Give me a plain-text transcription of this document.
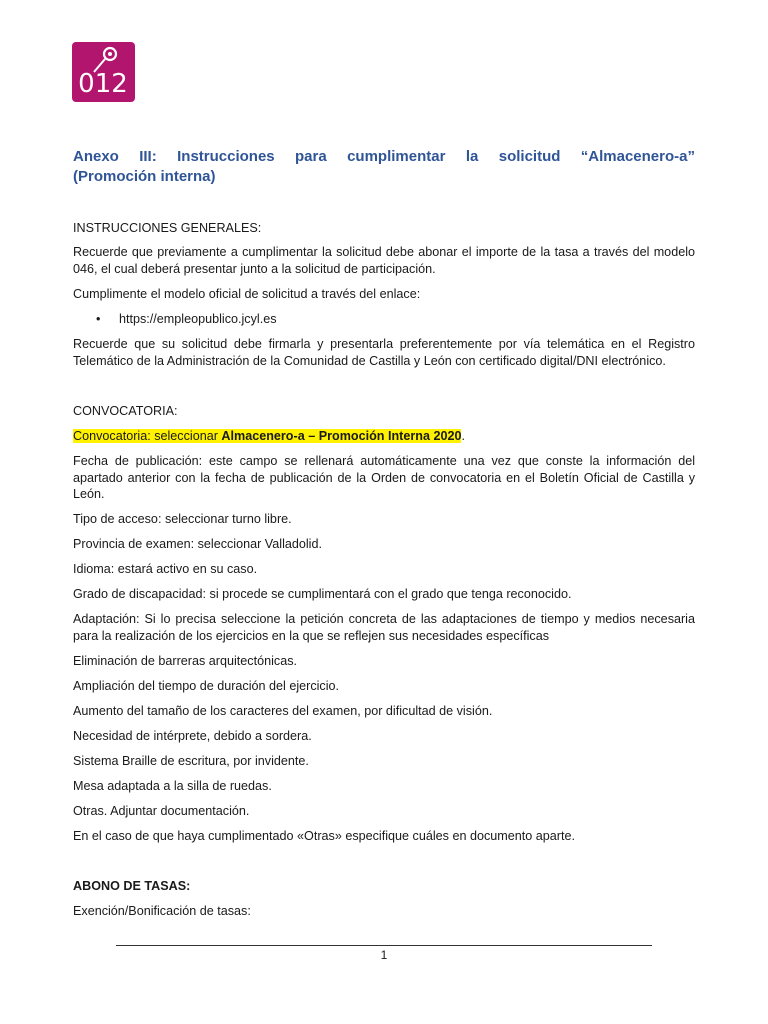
012
Anexo III: Instrucciones para cumplimentar la solicitud “Almacenero-a”
(Promoción interna)

INSTRUCCIONES GENERALES:

Recuerde que previamente a cumplimentar la solicitud debe abonar el importe de la tasa a través del modelo 046, el cual deberá presentar junto a la solicitud de participación.

Cumplimente el modelo oficial de solicitud a través del enlace:

• https://empleopublico.jcyl.es

Recuerde que su solicitud debe firmarla y presentarla preferentemente por vía telemática en el Registro Telemático de la Administración de la Comunidad de Castilla y León con certificado digital/DNI electrónico.

CONVOCATORIA:

Convocatoria: seleccionar Almacenero-a – Promoción Interna 2020.

Fecha de publicación: este campo se rellenará automáticamente una vez que conste la información del apartado anterior con la fecha de publicación de la Orden de convocatoria en el Boletín Oficial de Castilla y León.

Tipo de acceso: seleccionar turno libre.

Provincia de examen: seleccionar Valladolid.

Idioma: estará activo en su caso.

Grado de discapacidad: si procede se cumplimentará con el grado que tenga reconocido.

Adaptación: Si lo precisa seleccione la petición concreta de las adaptaciones de tiempo y medios necesaria para la realización de los ejercicios en la que se reflejen sus necesidades específicas

Eliminación de barreras arquitectónicas.

Ampliación del tiempo de duración del ejercicio.

Aumento del tamaño de los caracteres del examen, por dificultad de visión.

Necesidad de intérprete, debido a sordera.

Sistema Braille de escritura, por invidente.

Mesa adaptada a la silla de ruedas.

Otras. Adjuntar documentación.

En el caso de que haya cumplimentado «Otras» especifique cuáles en documento aparte.

ABONO DE TASAS:

Exención/Bonificación de tasas:

1
